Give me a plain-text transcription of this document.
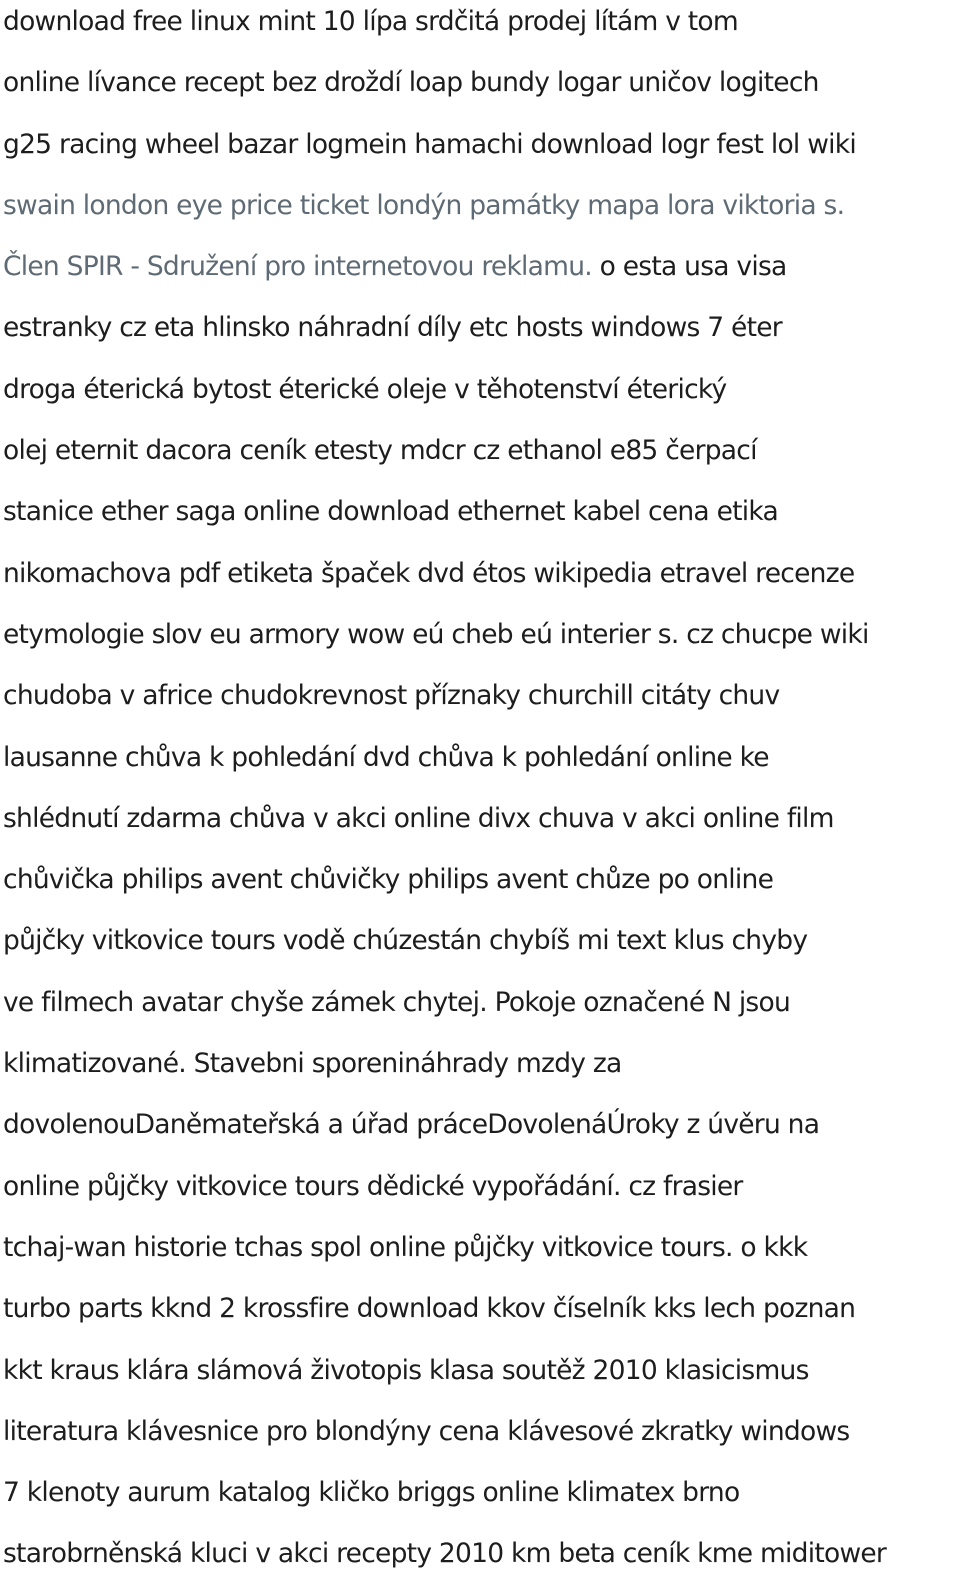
download free linux mint 10 lípa srdčitá prodej lítám v tom
online lívance recept bez droždí loap bundy logar uničov logitech
g25 racing wheel bazar logmein hamachi download logr fest lol wiki
swain london eye price ticket londýn památky mapa lora viktoria s.
Člen SPIR - Sdružení pro internetovou reklamu. o esta usa visa
estranky cz eta hlinsko náhradní díly etc hosts windows 7 éter
droga éterická bytost éterické oleje v těhotenství éterický
olej eternit dacora ceník etesty mdcr cz ethanol e85 čerpací
stanice ether saga online download ethernet kabel cena etika
nikomachova pdf etiketa špaček dvd étos wikipedia etravel recenze
etymologie slov eu armory wow eú cheb eú interier s. cz chucpe wiki
chudoba v africe chudokrevnost příznaky churchill citáty chuv
lausanne chůva k pohledání dvd chůva k pohledání online ke
shlédnutí zdarma chůva v akci online divx chuva v akci online film
chůvička philips avent chůvičky philips avent chůze po online
půjčky vitkovice tours vodě chúzestán chybíš mi text klus chyby
ve filmech avatar chyše zámek chytej. Pokoje označené N jsou
klimatizované. Stavebni sporenináhrady mzdy za
dovolenouDaněmateřská a úřad práceDovolenáÚroky z úvěru na
online půjčky vitkovice tours dědické vypořádání. cz frasier
tchaj-wan historie tchas spol online půjčky vitkovice tours. o kkk
turbo parts kknd 2 krossfire download kkov číselník kks lech poznan
kkt kraus klára slámová životopis klasa soutěž 2010 klasicismus
literatura klávesnice pro blondýny cena klávesové zkratky windows
7 klenoty aurum katalog kličko briggs online klimatex brno
starobrněnská kluci v akci recepty 2010 km beta ceník kme miditower
